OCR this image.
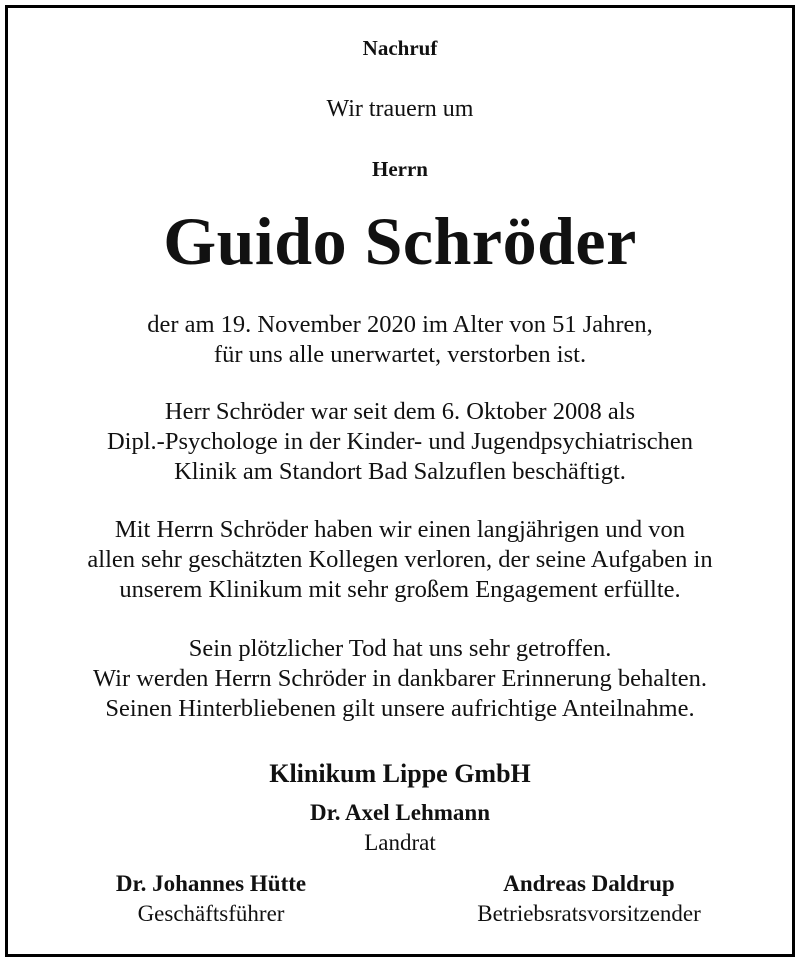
Nachruf
Wir trauern um
Herrn
Guido Schröder
der am 19. November 2020 im Alter von 51 Jahren,
für uns alle unerwartet, verstorben ist.
Herr Schröder war seit dem 6. Oktober 2008 als
Dipl.-Psychologe in der Kinder- und Jugendpsychiatrischen
Klinik am Standort Bad Salzuflen beschäftigt.
Mit Herrn Schröder haben wir einen langjährigen und von
allen sehr geschätzten Kollegen verloren, der seine Aufgaben in
unserem Klinikum mit sehr großem Engagement erfüllte.
Sein plötzlicher Tod hat uns sehr getroffen.
Wir werden Herrn Schröder in dankbarer Erinnerung behalten.
Seinen Hinterbliebenen gilt unsere aufrichtige Anteilnahme.
Klinikum Lippe GmbH
Dr. Axel Lehmann
Landrat
Dr. Johannes Hütte
Geschäftsführer
Andreas Daldrup
Betriebsratsvorsitzender
